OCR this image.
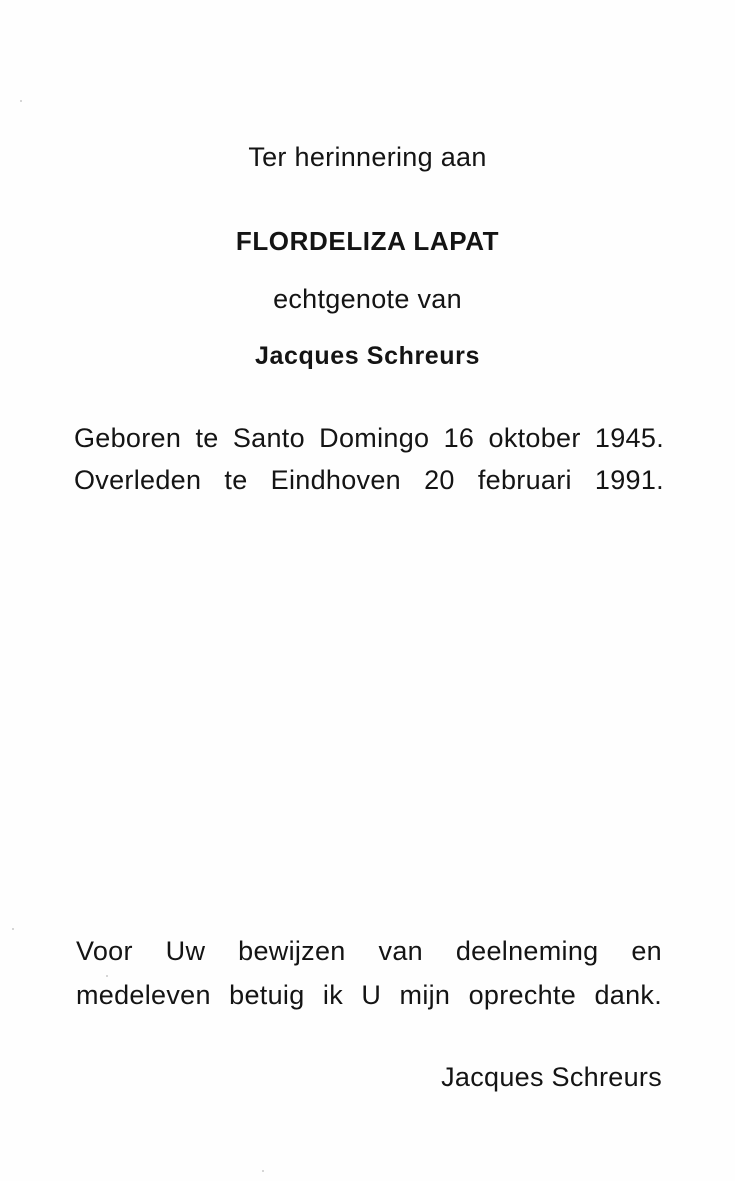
Ter herinnering aan
FLORDELIZA LAPAT
echtgenote van
Jacques Schreurs
Geboren te Santo Domingo 16 oktober 1945.
Overleden te Eindhoven 20 februari 1991.
Voor Uw bewijzen van deelneming en
medeleven betuig ik U mijn oprechte dank.
Jacques Schreurs
